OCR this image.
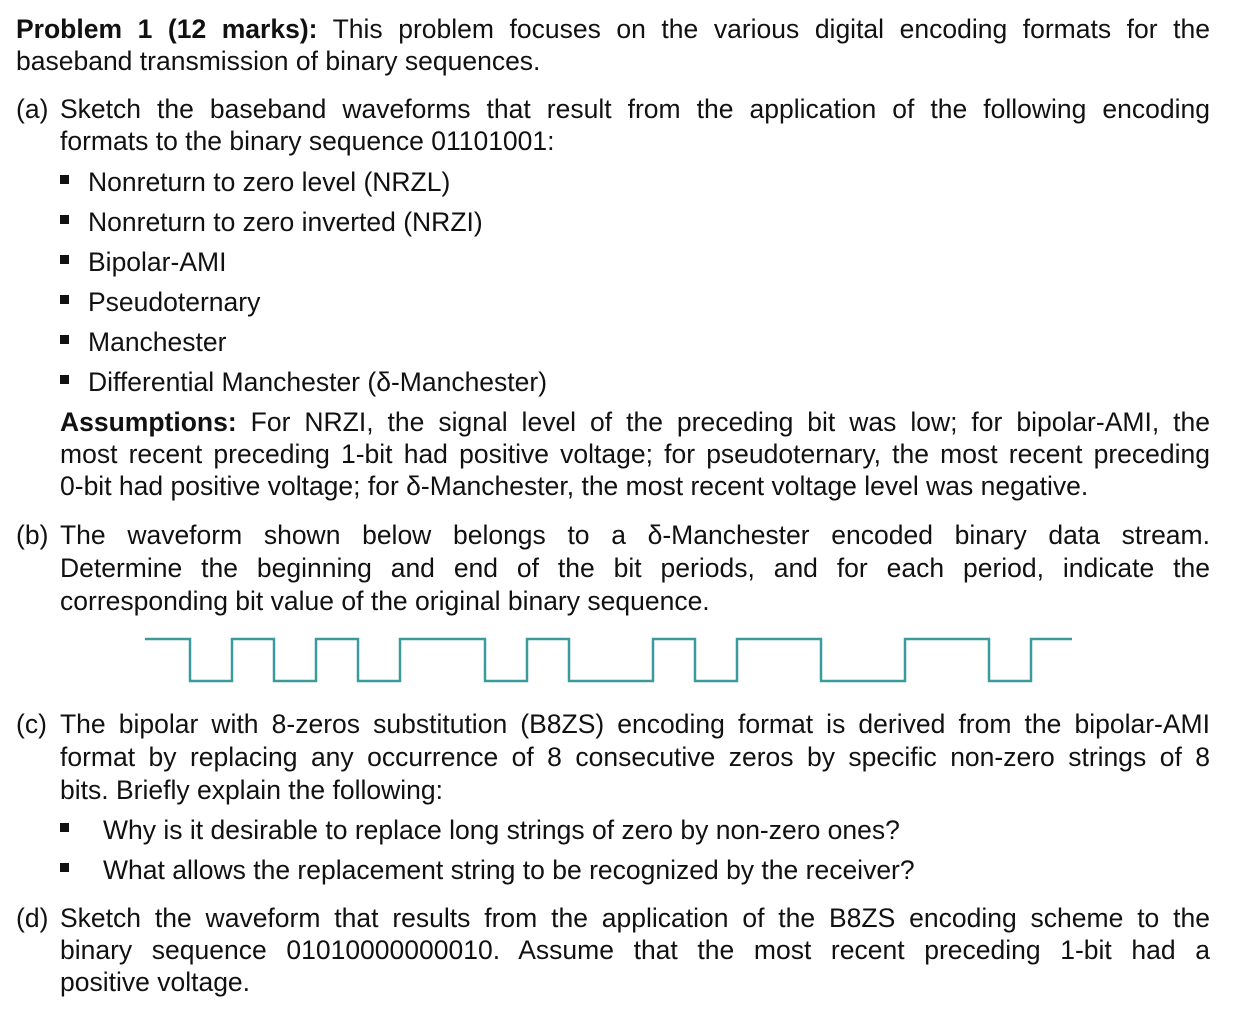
Problem 1 (12 marks): This problem focuses on the various digital encoding formats for the
baseband transmission of binary sequences.
(a) Sketch the baseband waveforms that result from the application of the following encoding
formats to the binary sequence 01101001:
Nonreturn to zero level (NRZL)
Nonreturn to zero inverted (NRZI)
Bipolar-AMI
Pseudoternary
Manchester
Differential Manchester (δ-Manchester)
Assumptions: For NRZI, the signal level of the preceding bit was low; for bipolar-AMI, the
most recent preceding 1-bit had positive voltage; for pseudoternary, the most recent preceding
0-bit had positive voltage; for δ-Manchester, the most recent voltage level was negative.
(b) The waveform shown below belongs to a δ-Manchester encoded binary data stream.
Determine the beginning and end of the bit periods, and for each period, indicate the
corresponding bit value of the original binary sequence.
(c) The bipolar with 8-zeros substitution (B8ZS) encoding format is derived from the bipolar-AMI
format by replacing any occurrence of 8 consecutive zeros by specific non-zero strings of 8
bits. Briefly explain the following:
Why is it desirable to replace long strings of zero by non-zero ones?
What allows the replacement string to be recognized by the receiver?
(d) Sketch the waveform that results from the application of the B8ZS encoding scheme to the
binary sequence 01010000000010. Assume that the most recent preceding 1-bit had a
positive voltage.
